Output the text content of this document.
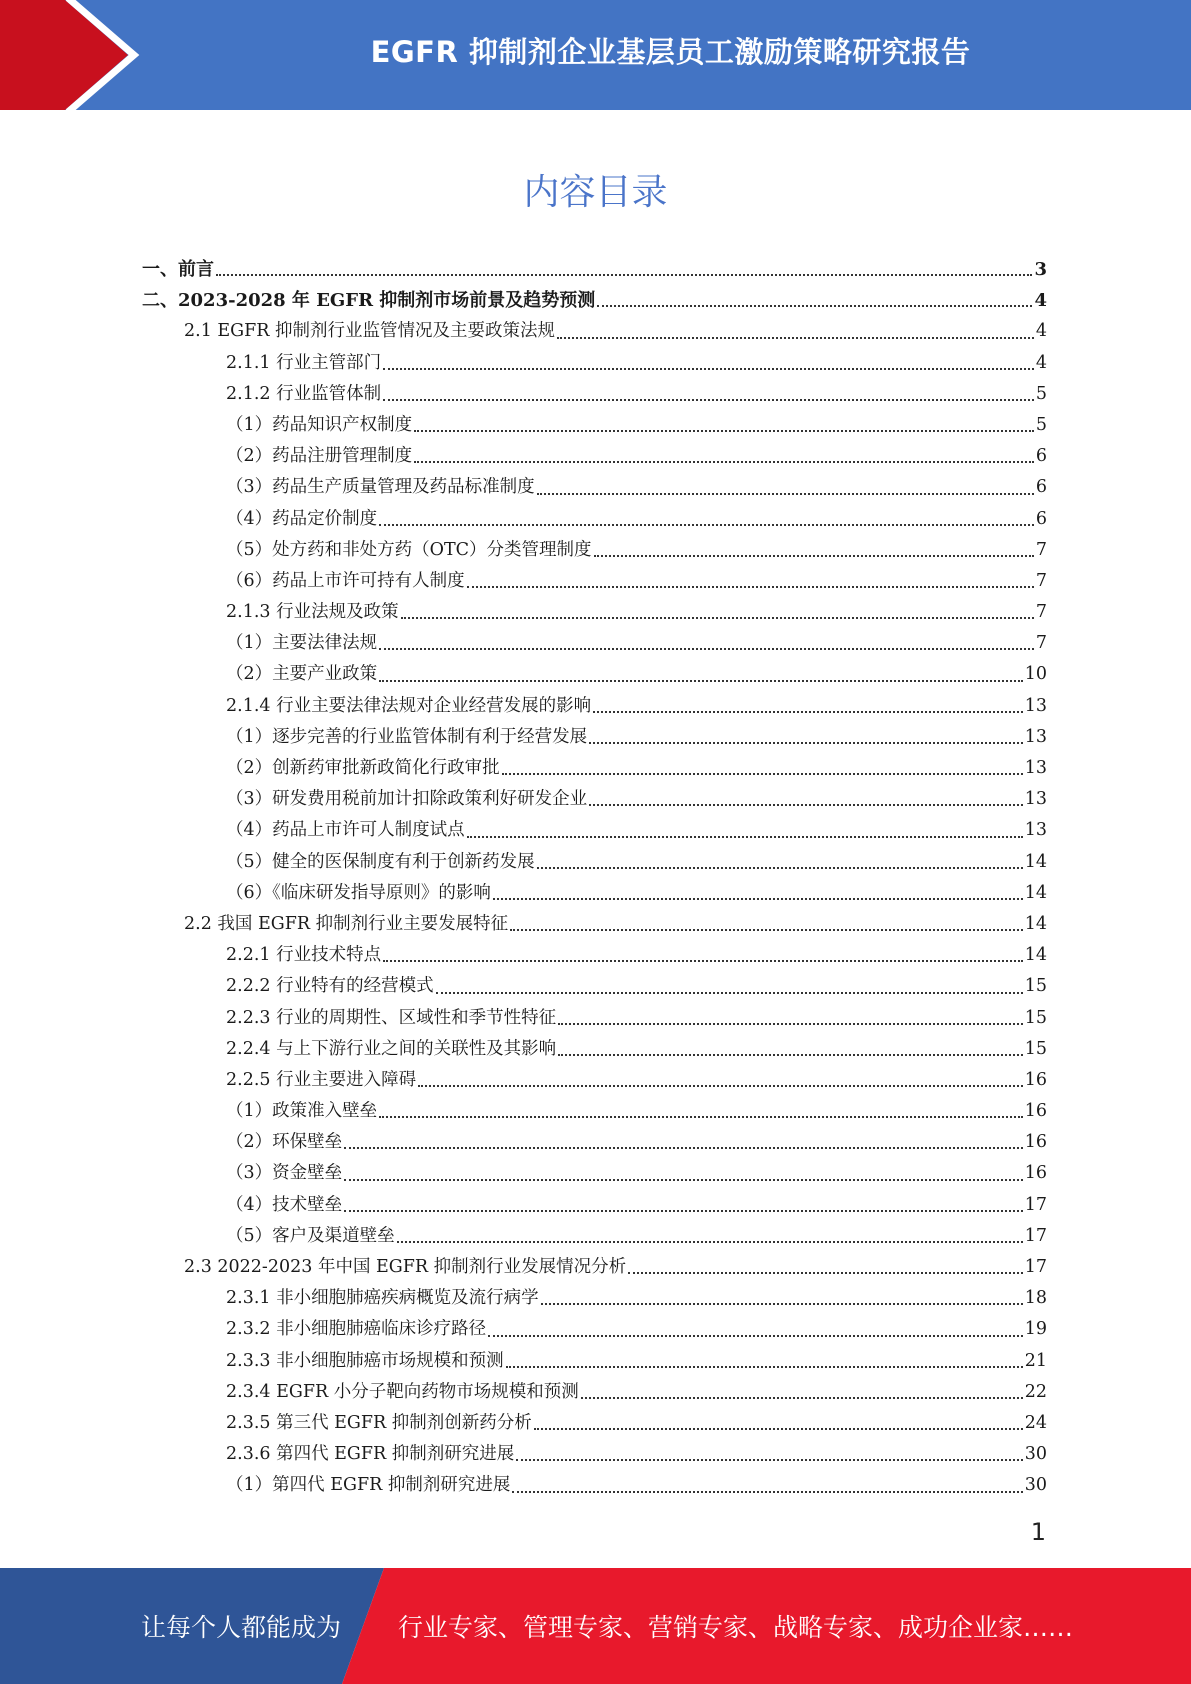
EGFR 抑制剂企业基层员工激励策略研究报告
内容目录
一、前言	3
二、2023-2028 年 EGFR 抑制剂市场前景及趋势预测	4
2.1 EGFR 抑制剂行业监管情况及主要政策法规	4
2.1.1 行业主管部门	4
2.1.2 行业监管体制	5
（1）药品知识产权制度	5
（2）药品注册管理制度	6
（3）药品生产质量管理及药品标准制度	6
（4）药品定价制度	6
（5）处方药和非处方药（OTC）分类管理制度	7
（6）药品上市许可持有人制度	7
2.1.3 行业法规及政策	7
（1）主要法律法规	7
（2）主要产业政策	10
2.1.4 行业主要法律法规对企业经营发展的影响	13
（1）逐步完善的行业监管体制有利于经营发展	13
（2）创新药审批新政简化行政审批	13
（3）研发费用税前加计扣除政策利好研发企业	13
（4）药品上市许可人制度试点	13
（5）健全的医保制度有利于创新药发展	14
（6）《临床研发指导原则》的影响	14
2.2 我国 EGFR 抑制剂行业主要发展特征	14
2.2.1 行业技术特点	14
2.2.2 行业特有的经营模式	15
2.2.3 行业的周期性、区域性和季节性特征	15
2.2.4 与上下游行业之间的关联性及其影响	15
2.2.5 行业主要进入障碍	16
（1）政策准入壁垒	16
（2）环保壁垒	16
（3）资金壁垒	16
（4）技术壁垒	17
（5）客户及渠道壁垒	17
2.3 2022-2023 年中国 EGFR 抑制剂行业发展情况分析	17
2.3.1 非小细胞肺癌疾病概览及流行病学	18
2.3.2 非小细胞肺癌临床诊疗路径	19
2.3.3 非小细胞肺癌市场规模和预测	21
2.3.4 EGFR 小分子靶向药物市场规模和预测	22
2.3.5 第三代 EGFR 抑制剂创新药分析	24
2.3.6 第四代 EGFR 抑制剂研究进展	30
（1）第四代 EGFR 抑制剂研究进展	30
1
让每个人都能成为 行业专家、管理专家、营销专家、战略专家、成功企业家……
